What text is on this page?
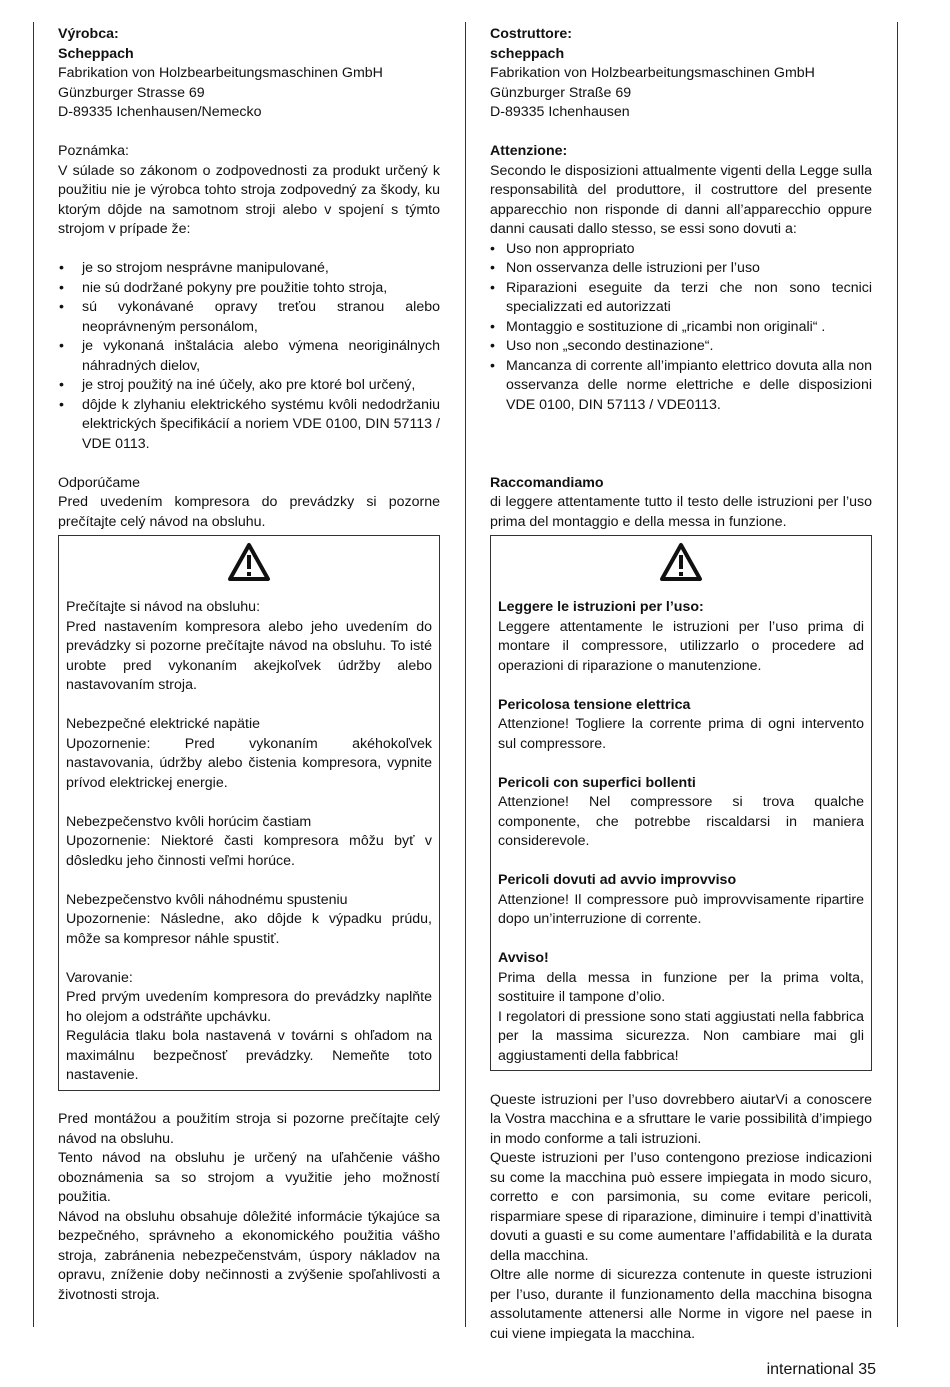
Výrobca:

Scheppach

Fabrikation von Holzbearbeitungsmaschinen GmbH

Günzburger Strasse 69

D-89335 Ichenhausen/Nemecko

Poznámka:

V súlade so zákonom o zodpovednosti za produkt určený k použitiu nie je výrobca tohto stroja zodpovedný za škody, ku ktorým dôjde na samotnom stroji alebo v spojení s týmto strojom v prípade že:

• je so strojom nesprávne manipulované,
• nie sú dodržané pokyny pre použitie tohto stroja,
• sú vykonávané opravy treťou stranou alebo neoprávneným personálom,
• je vykonaná inštalácia alebo výmena neoriginálnych náhradných dielov,
• je stroj použitý na iné účely, ako pre ktoré bol určený,
• dôjde k zlyhaniu elektrického systému kvôli nedodržaniu elektrických špecifikácií a noriem VDE 0100, DIN 57113 / VDE 0113.

Odporúčame

Pred uvedením kompresora do prevádzky si pozorne prečítajte celý návod na obsluhu.

Prečítajte si návod na obsluhu:

Pred nastavením kompresora alebo jeho uvedením do prevádzky si pozorne prečítajte návod na obsluhu. To isté urobte pred vykonaním akejkoľvek údržby alebo nastavovaním stroja.

Nebezpečné elektrické napätie

Upozornenie: Pred vykonaním akéhokoľvek nastavovania, údržby alebo čistenia kompresora, vypnite prívod elektrickej energie.

Nebezpečenstvo kvôli horúcim častiam

Upozornenie: Niektoré časti kompresora môžu byť v dôsledku jeho činnosti veľmi horúce.

Nebezpečenstvo kvôli náhodnému spusteniu

Upozornenie: Následne, ako dôjde k výpadku prúdu, môže sa kompresor náhle spustiť.

Varovanie:

Pred prvým uvedením kompresora do prevádzky naplňte ho olejom a odstráňte upchávku.

Regulácia tlaku bola nastavená v továrni s ohľadom na maximálnu bezpečnosť prevádzky. Nemeňte toto nastavenie.

Pred montážou a použitím stroja si pozorne prečítajte celý návod na obsluhu.

Tento návod na obsluhu je určený na uľahčenie vášho oboznámenia sa so strojom a využitie jeho možností použitia.

Návod na obsluhu obsahuje dôležité informácie týkajúce sa bezpečného, správneho a ekonomického použitia vášho stroja, zabránenia nebezpečenstvám, úspory nákladov na opravu, zníženie doby nečinnosti a zvýšenie spoľahlivosti a životnosti stroja.

Costruttore:

scheppach

Fabrikation von Holzbearbeitungsmaschinen GmbH

Günzburger Straße 69

D-89335 Ichenhausen

Attenzione:

Secondo le disposizioni attualmente vigenti della Legge sulla responsabilità del produttore, il costruttore del presente apparecchio non risponde di danni all’apparecchio oppure danni causati dallo stesso, se essi sono dovuti a:

• Uso non appropriato
• Non osservanza delle istruzioni per l’uso
• Riparazioni eseguite da terzi che non sono tecnici specializzati ed autorizzati
• Montaggio e sostituzione di „ricambi non originali“ .
• Uso non „secondo destinazione“.
• Mancanza di corrente all’impianto elettrico dovuta alla non osservanza delle norme elettriche e delle disposizioni VDE 0100, DIN 57113 / VDE0113.

Raccomandiamo

di leggere attentamente tutto il testo delle istruzioni per l’uso prima del montaggio e della messa in funzione.

Leggere le istruzioni per l’uso:

Leggere attentamente le istruzioni per l’uso prima di montare il compressore, utilizzarlo o procedere ad operazioni di riparazione o manutenzione.

Pericolosa tensione elettrica

Attenzione! Togliere la corrente prima di ogni intervento sul compressore.

Pericoli con superfici bollenti

Attenzione! Nel compressore si trova qualche componente, che potrebbe riscaldarsi in maniera considerevole.

Pericoli dovuti ad avvio improvviso

Attenzione! Il compressore può improvvisamente ripartire dopo un’interruzione di corrente.

Avviso!

Prima della messa in funzione per la prima volta, sostituire il tampone d’olio.

I regolatori di pressione sono stati aggiustati nella fabbrica per la massima sicurezza. Non cambiare mai gli aggiustamenti della fabbrica!

Queste istruzioni per l’uso dovrebbero aiutarVi a conoscere la Vostra macchina e a sfruttare le varie possibilità d’impiego in modo conforme a tali istruzioni.

Queste istruzioni per l’uso contengono preziose indicazioni su come la macchina può essere impiegata in modo sicuro, corretto e con parsimonia, su come evitare pericoli, risparmiare spese di riparazione, diminuire i tempi d’inattività dovuti a guasti e su come aumentare l’affidabilità e la durata della macchina.

Oltre alle norme di sicurezza contenute in queste istruzioni per l’uso, durante il funzionamento della macchina bisogna assolutamente attenersi alle Norme in vigore nel paese in cui viene impiegata la macchina.

international 35
